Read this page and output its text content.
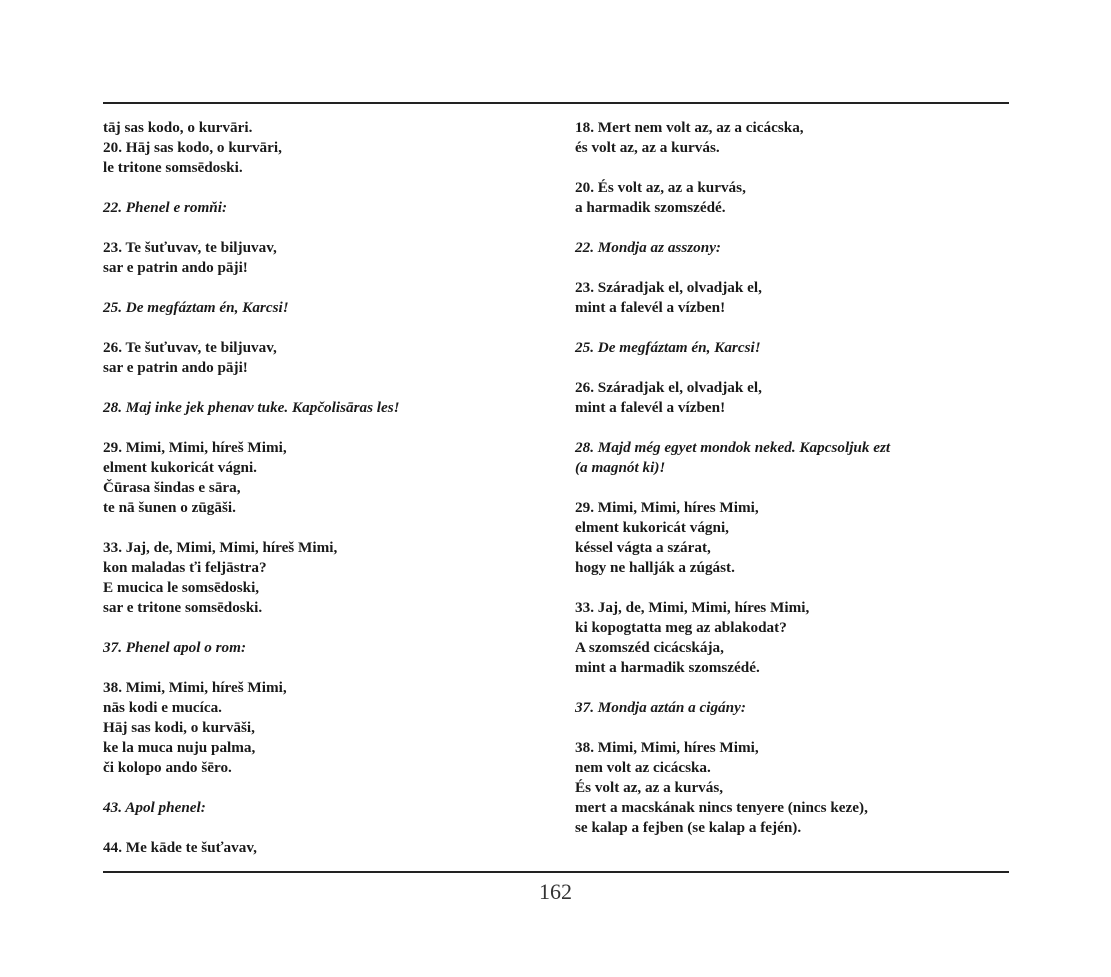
tāj sas kodo, o kurvāri.
20. Hāj sas kodo, o kurvāri,
le tritone somsēdoski.
22. Phenel e romňi:
23. Te šuťuvav, te biljuvav,
sar e patrin ando pāji!
25. De megfáztam én, Karcsi!
26. Te šuťuvav, te biljuvav,
sar e patrin ando pāji!
28. Maj inke jek phenav tuke. Kapčolisāras les!
29. Mimi, Mimi, híreš Mimi,
elment kukoricát vágni.
Čūrasa šindas e sāra,
te nā šunen o zūgāši.
33. Jaj, de, Mimi, Mimi, híreš Mimi,
kon maladas ťi feljāstra?
E mucica le somsēdoski,
sar e tritone somsēdoski.
37. Phenel apol o rom:
38. Mimi, Mimi, híreš Mimi,
nās kodi e mucíca.
Hāj sas kodi, o kurvāši,
ke la muca nuju palma,
či kolopo ando šēro.
43. Apol phenel:
44. Me kāde te šuťavav,
18. Mert nem volt az, az a cicácska,
és volt az, az a kurvás.
20. És volt az, az a kurvás,
a harmadik szomszédé.
22. Mondja az asszony:
23. Száradjak el, olvadjak el,
mint a falevél a vízben!
25. De megfáztam én, Karcsi!
26. Száradjak el, olvadjak el,
mint a falevél a vízben!
28. Majd még egyet mondok neked. Kapcsoljuk ezt
(a magnót ki)!
29. Mimi, Mimi, híres Mimi,
elment kukoricát vágni,
késsel vágta a szárat,
hogy ne hallják a zúgást.
33. Jaj, de, Mimi, Mimi, híres Mimi,
ki kopogtatta meg az ablakodat?
A szomszéd cicácskája,
mint a harmadik szomszédé.
37. Mondja aztán a cigány:
38. Mimi, Mimi, híres Mimi,
nem volt az cicácska.
És volt az, az a kurvás,
mert a macskának nincs tenyere (nincs keze),
se kalap a fejben (se kalap a fején).
162
